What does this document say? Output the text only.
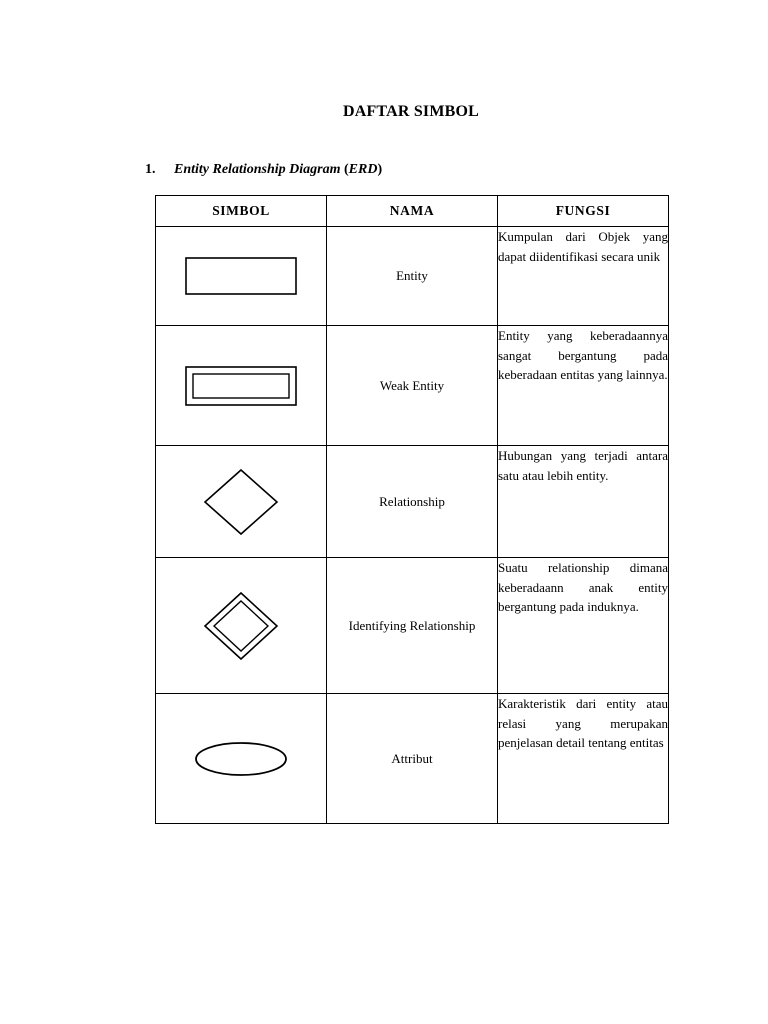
DAFTAR SIMBOL
1. Entity Relationship Diagram (ERD)
SIMBOL	NAMA	FUNGSI

	Entity	Kumpulan dari Objek yang dapat diidentifikasi secara unik

	Weak Entity	Entity yang keberadaannya sangat bergantung pada keberadaan entitas yang lainnya.

	Relationship	Hubungan yang terjadi antara satu atau lebih entity.

	Identifying Relationship	Suatu relationship dimana keberadaann anak entity bergantung pada induknya.

	Attribut	Karakteristik dari entity atau relasi yang merupakan penjelasan detail tentang entitas
